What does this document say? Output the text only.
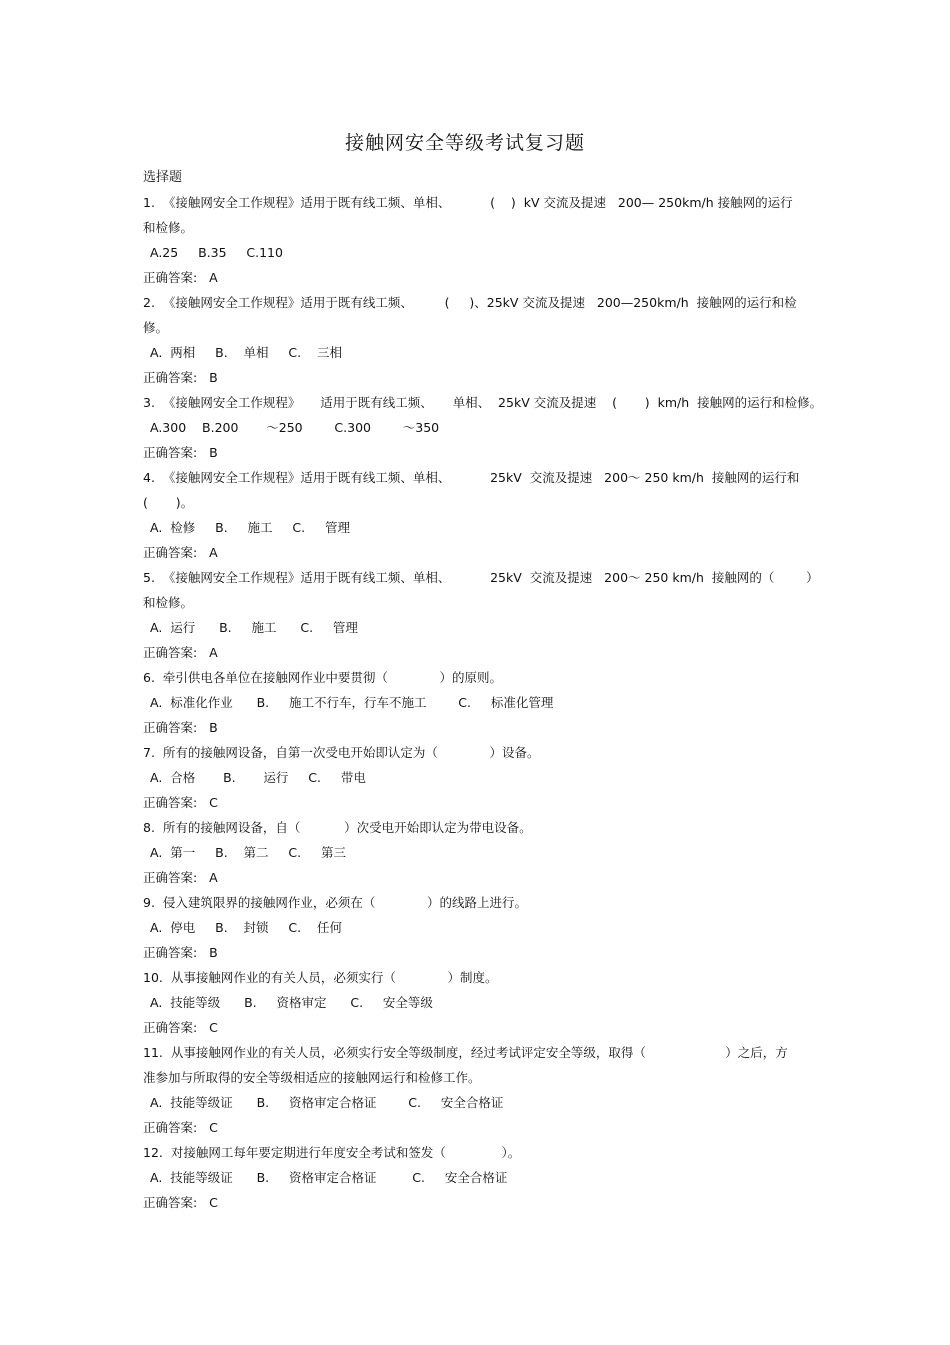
接触网安全等级考试复习题
选择题
1.  《接触网安全工作规程》适用于既有线工频、单相、          (    )  kV 交流及提速   200— 250km/h 接触网的运行
和检修。
A.25     B.35     C.110
正确答案:   A
2.  《接触网安全工作规程》适用于既有线工频、        (     )、25kV 交流及提速   200—250km/h  接触网的运行和检
修。
A.  两相     B.    单相     C.    三相
正确答案:   B
3.  《接触网安全工作规程》     适用于既有线工频、     单相、  25kV 交流及提速    (       )  km/h  接触网的运行和检修。
A.300    B.200       ～250        C.300        ～350
正确答案:   B
4.  《接触网安全工作规程》适用于既有线工频、单相、          25kV  交流及提速   200～ 250 km/h  接触网的运行和
(       )。
A.  检修     B.     施工     C.     管理
正确答案:   A
5.  《接触网安全工作规程》适用于既有线工频、单相、          25kV  交流及提速   200～ 250 km/h  接触网的（        ）
和检修。
A.  运行      B.     施工      C.     管理
正确答案:   A
6.  牵引供电各单位在接触网作业中要贯彻（             ）的原则。
A.  标准化作业      B.     施工不行车，行车不施工        C.     标准化管理
正确答案:   B
7.  所有的接触网设备，自第一次受电开始即认定为（             ）设备。
A.  合格       B.       运行     C.     带电
正确答案:   C
8.  所有的接触网设备，自（           ）次受电开始即认定为带电设备。
A.  第一     B.    第二     C.     第三
正确答案:   A
9.  侵入建筑限界的接触网作业，必须在（             ）的线路上进行。
A.  停电     B.    封锁     C.    任何
正确答案:   B
10.  从事接触网作业的有关人员，必须实行（             ）制度。
A.  技能等级      B.     资格审定      C.     安全等级
正确答案:   C
11.  从事接触网作业的有关人员，必须实行安全等级制度，经过考试评定安全等级，取得（                    ）之后，方
准参加与所取得的安全等级相适应的接触网运行和检修工作。
A.  技能等级证      B.     资格审定合格证        C.     安全合格证
正确答案:   C
12.  对接触网工每年要定期进行年度安全考试和签发（              ）。
A.  技能等级证      B.     资格审定合格证         C.     安全合格证
正确答案:   C
